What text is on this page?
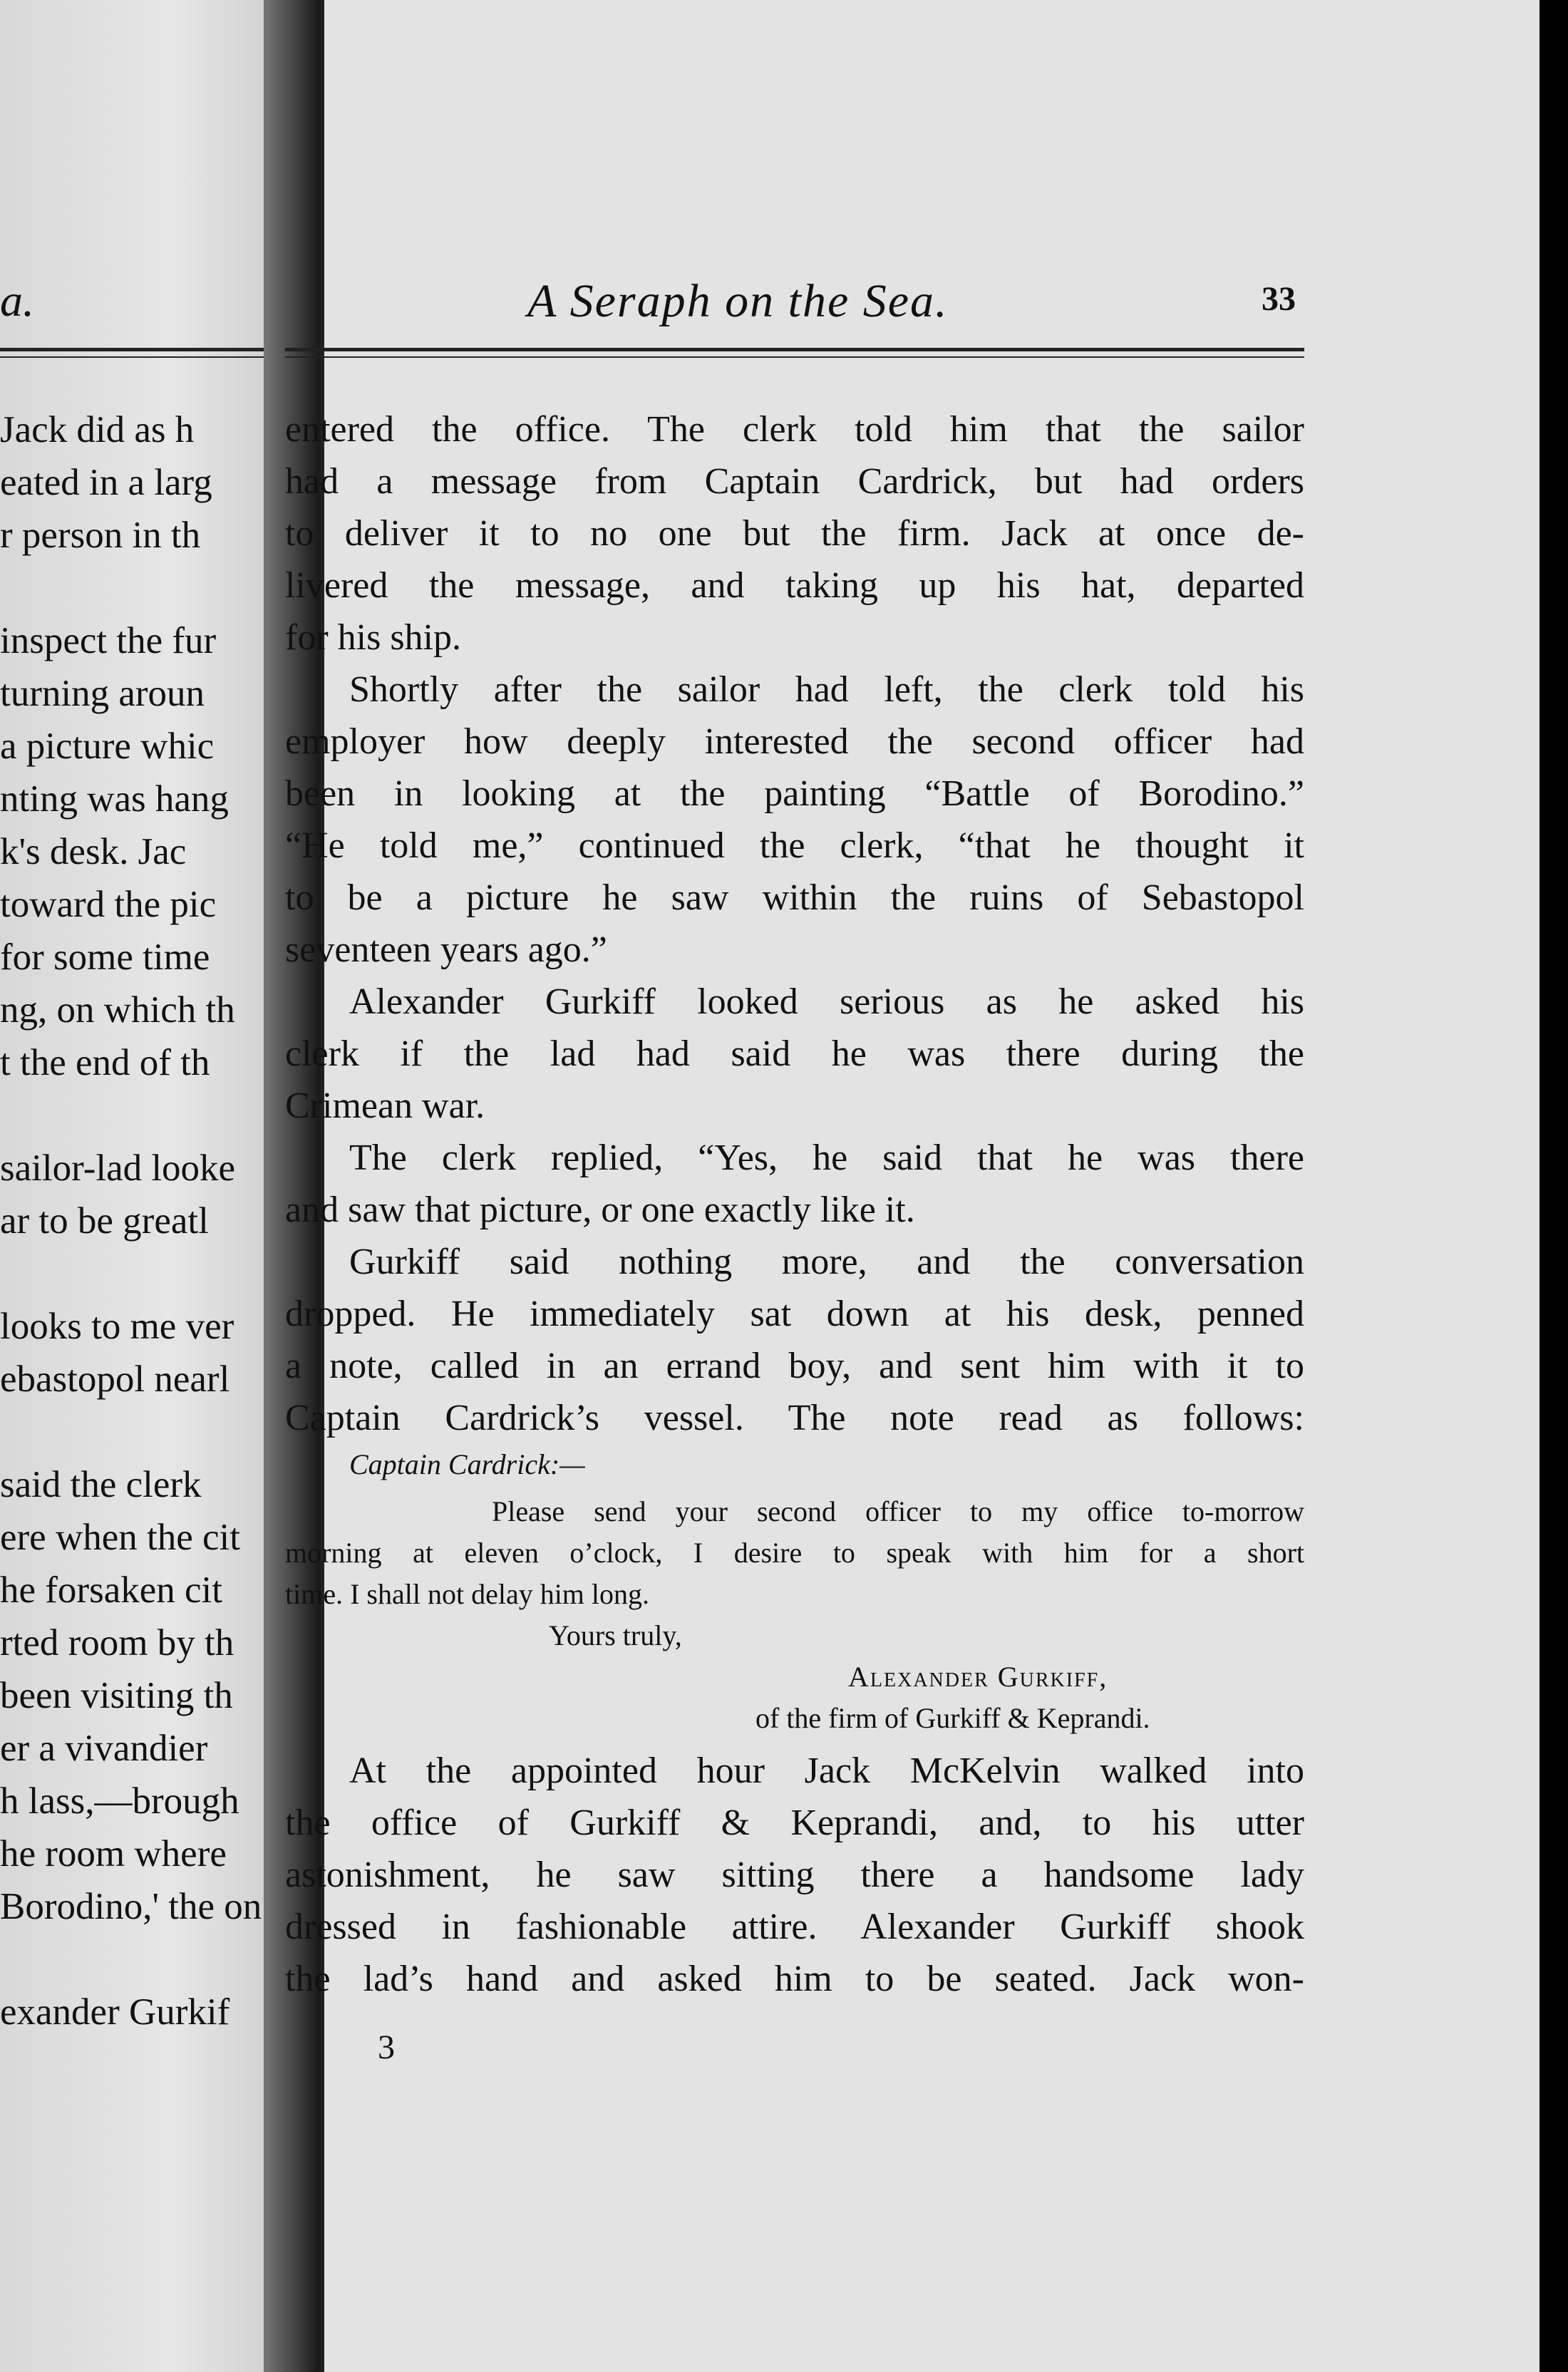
a.
Jack did as h
eated in a larg
r person in th
inspect the fur
turning aroun
a picture whic
nting was hang
k's desk. Jac
toward the pic
for some time
ng, on which th
t the end of th
sailor-lad looke
ar to be greatl
looks to me ver
ebastopol nearl
said the clerk
ere when the cit
he forsaken cit
rted room by th
been visiting th
er a vivandier
h lass,—brough
he room where
Borodino,' the on
exander Gurkif
A Seraph on the Sea.	33
entered the office. The clerk told him that the sailor
had a message from Captain Cardrick, but had orders
to deliver it to no one but the firm. Jack at once de-
livered the message, and taking up his hat, departed
for his ship.
Shortly after the sailor had left, the clerk told his
employer how deeply interested the second officer had
been in looking at the painting “Battle of Borodino.”
“He told me,” continued the clerk, “that he thought it
to be a picture he saw within the ruins of Sebastopol
seventeen years ago.”
Alexander Gurkiff looked serious as he asked his
clerk if the lad had said he was there during the
Crimean war.
The clerk replied, “Yes, he said that he was there
and saw that picture, or one exactly like it.
Gurkiff said nothing more, and the conversation
dropped. He immediately sat down at his desk, penned
a note, called in an errand boy, and sent him with it to
Captain Cardrick’s vessel. The note read as follows:
Captain Cardrick:—
Please send your second officer to my office to-morrow
morning at eleven o’clock, I desire to speak with him for a short
time. I shall not delay him long.
Yours truly,
Alexander Gurkiff,
of the firm of Gurkiff & Keprandi.
At the appointed hour Jack McKelvin walked into
the office of Gurkiff & Keprandi, and, to his utter
astonishment, he saw sitting there a handsome lady
dressed in fashionable attire. Alexander Gurkiff shook
the lad’s hand and asked him to be seated. Jack won-
3
